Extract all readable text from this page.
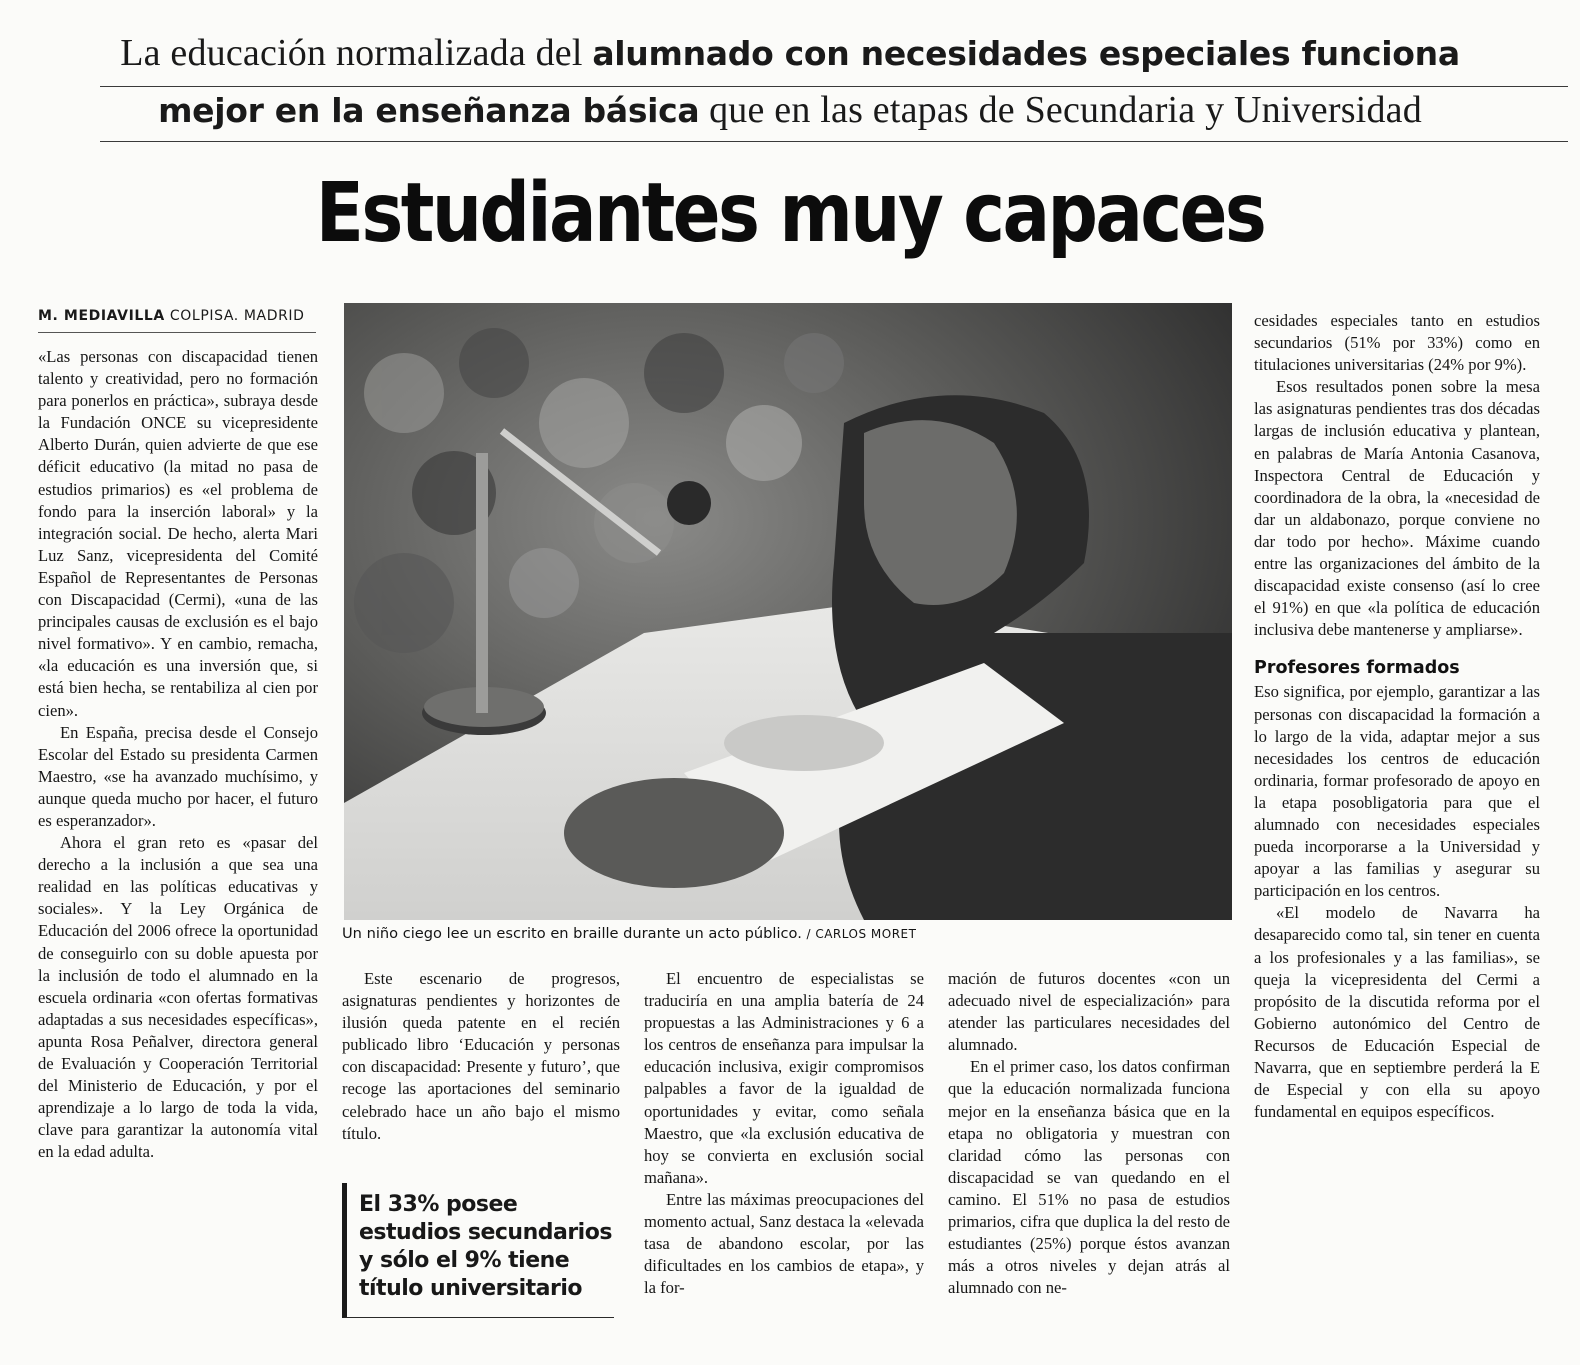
La educación normalizada del alumnado con necesidades especiales funciona
mejor en la enseñanza básica que en las etapas de Secundaria y Universidad
Estudiantes muy capaces
M. MEDIAVILLA COLPISA. MADRID

«Las personas con discapacidad tienen talento y creatividad, pero no formación para ponerlos en práctica», subraya desde la Fundación ONCE su vicepresidente Alberto Durán, quien advierte de que ese déficit educativo (la mitad no pasa de estudios primarios) es «el problema de fondo para la inserción laboral» y la integración social. De hecho, alerta Mari Luz Sanz, vicepresidenta del Comité Español de Representantes de Personas con Discapacidad (Cermi), «una de las principales causas de exclusión es el bajo nivel formativo». Y en cambio, remacha, «la educación es una inversión que, si está bien hecha, se rentabiliza al cien por cien».

En España, precisa desde el Consejo Escolar del Estado su presidenta Carmen Maestro, «se ha avanzado muchísimo, y aunque queda mucho por hacer, el futuro es esperanzador».

Ahora el gran reto es «pasar del derecho a la inclusión a que sea una realidad en las políticas educativas y sociales». Y la Ley Orgánica de Educación del 2006 ofrece la oportunidad de conseguirlo con su doble apuesta por la inclusión de todo el alumnado en la escuela ordinaria «con ofertas formativas adaptadas a sus necesidades específicas», apunta Rosa Peñalver, directora general de Evaluación y Cooperación Territorial del Ministerio de Educación, y por el aprendizaje a lo largo de toda la vida, clave para garantizar la autonomía vital en la edad adulta.

Un niño ciego lee un escrito en braille durante un acto público. / CARLOS MORET

Este escenario de progresos, asignaturas pendientes y horizontes de ilusión queda patente en el recién publicado libro ‘Educación y personas con discapacidad: Presente y futuro’, que recoge las aportaciones del seminario celebrado hace un año bajo el mismo título.

El 33% posee estudios secundarios y sólo el 9% tiene título universitario

El encuentro de especialistas se traduciría en una amplia batería de 24 propuestas a las Administraciones y 6 a los centros de enseñanza para impulsar la educación inclusiva, exigir compromisos palpables a favor de la igualdad de oportunidades y evitar, como señala Maestro, que «la exclusión educativa de hoy se convierta en exclusión social mañana».

Entre las máximas preocupaciones del momento actual, Sanz destaca la «elevada tasa de abandono escolar, por las dificultades en los cambios de etapa», y la for-

mación de futuros docentes «con un adecuado nivel de especialización» para atender las particulares necesidades del alumnado.

En el primer caso, los datos confirman que la educación normalizada funciona mejor en la enseñanza básica que en la etapa no obligatoria y muestran con claridad cómo las personas con discapacidad se van quedando en el camino. El 51% no pasa de estudios primarios, cifra que duplica la del resto de estudiantes (25%) porque éstos avanzan más a otros niveles y dejan atrás al alumnado con ne-

cesidades especiales tanto en estudios secundarios (51% por 33%) como en titulaciones universitarias (24% por 9%).

Esos resultados ponen sobre la mesa las asignaturas pendientes tras dos décadas largas de inclusión educativa y plantean, en palabras de María Antonia Casanova, Inspectora Central de Educación y coordinadora de la obra, la «necesidad de dar un aldabonazo, porque conviene no dar todo por hecho». Máxime cuando entre las organizaciones del ámbito de la discapacidad existe consenso (así lo cree el 91%) en que «la política de educación inclusiva debe mantenerse y ampliarse».

Profesores formados

Eso significa, por ejemplo, garantizar a las personas con discapacidad la formación a lo largo de la vida, adaptar mejor a sus necesidades los centros de educación ordinaria, formar profesorado de apoyo en la etapa posobligatoria para que el alumnado con necesidades especiales pueda incorporarse a la Universidad y apoyar a las familias y asegurar su participación en los centros.

«El modelo de Navarra ha desaparecido como tal, sin tener en cuenta a los profesionales y a las familias», se queja la vicepresidenta del Cermi a propósito de la discutida reforma por el Gobierno autonómico del Centro de Recursos de Educación Especial de Navarra, que en septiembre perderá la E de Especial y con ella su apoyo fundamental en equipos específicos.
